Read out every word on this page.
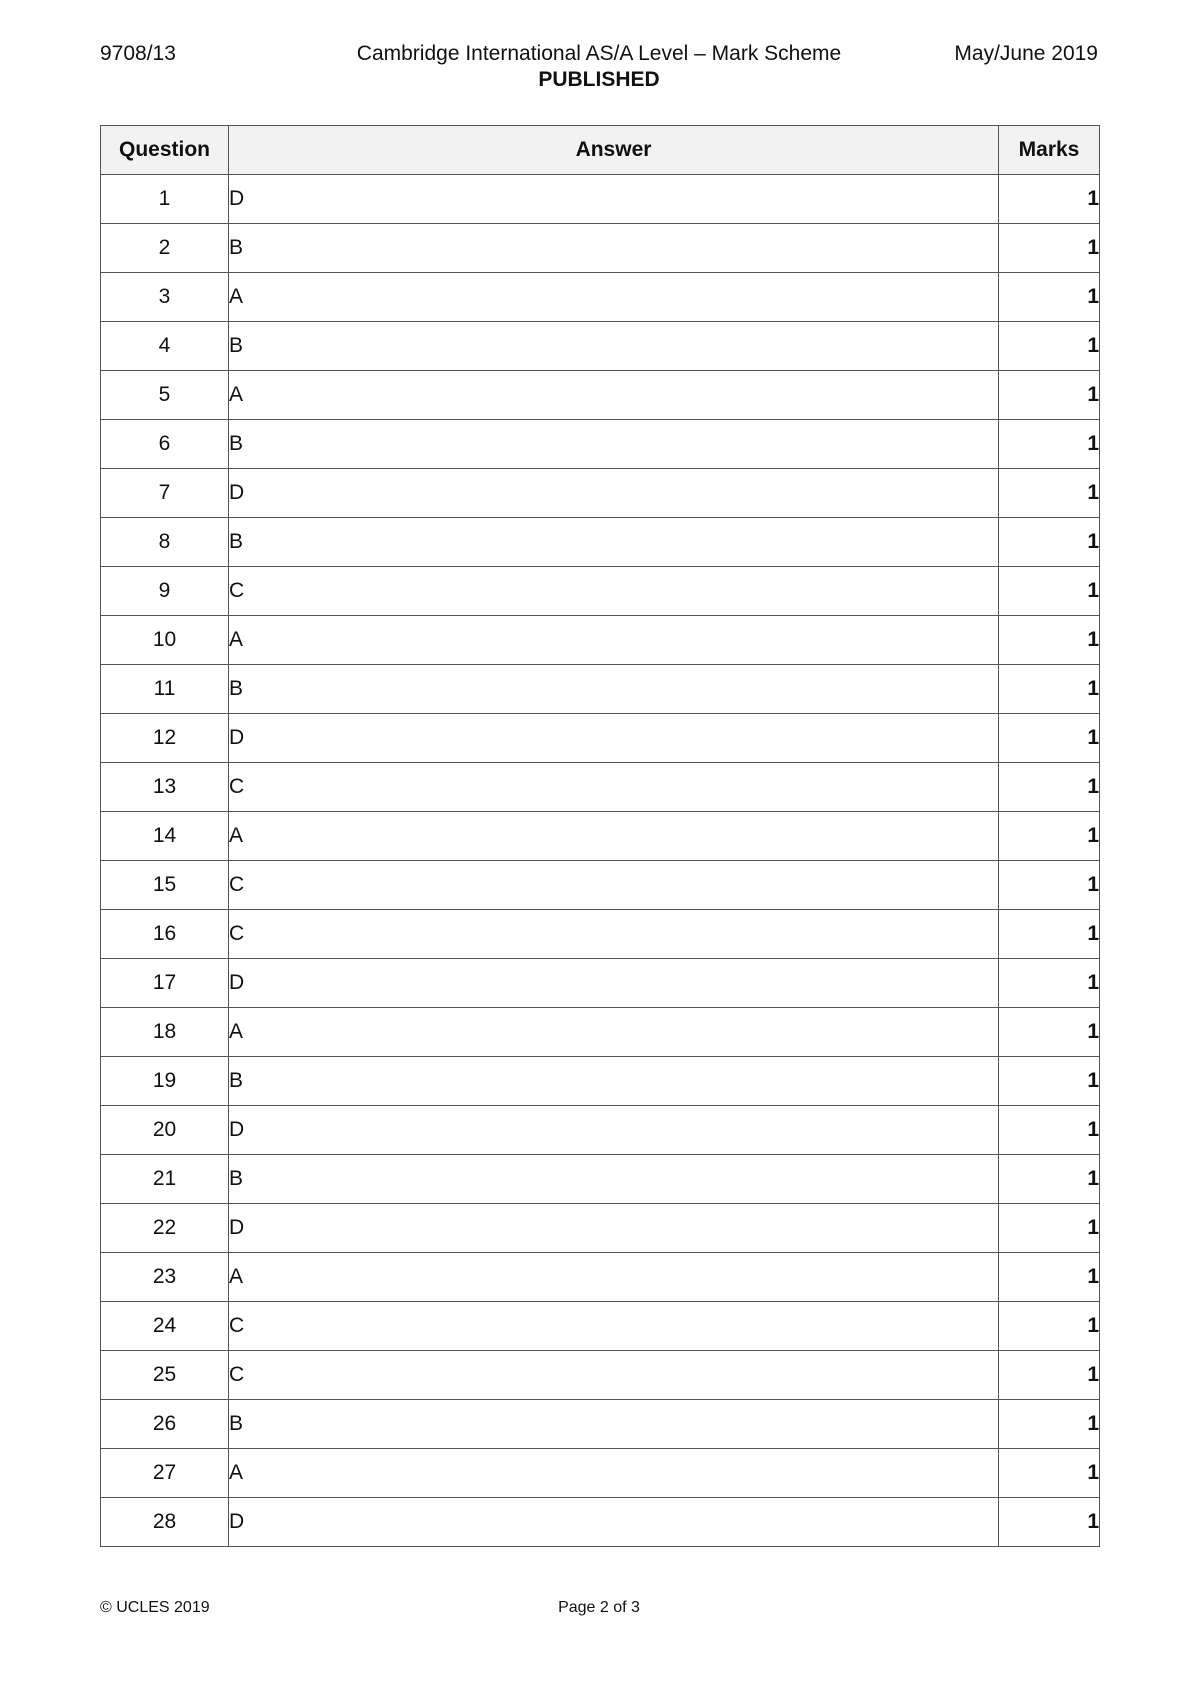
9708/13	Cambridge International AS/A Level – Mark Scheme	May/June 2019
PUBLISHED
Question	Answer	Marks
1	D	1
2	B	1
3	A	1
4	B	1
5	A	1
6	B	1
7	D	1
8	B	1
9	C	1
10	A	1
11	B	1
12	D	1
13	C	1
14	A	1
15	C	1
16	C	1
17	D	1
18	A	1
19	B	1
20	D	1
21	B	1
22	D	1
23	A	1
24	C	1
25	C	1
26	B	1
27	A	1
28	D	1
© UCLES 2019	Page 2 of 3
